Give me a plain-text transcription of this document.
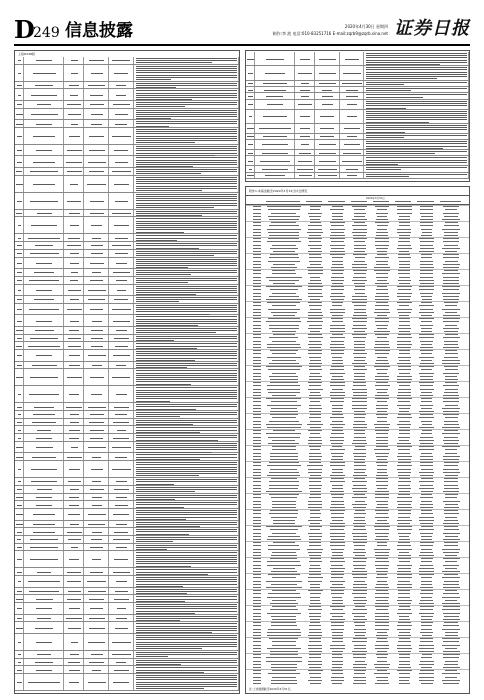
D
249 信息披露	2020年4月30日 星期四
制作:李 波 电话:010-83251716 E-mail:zqrb9@zqrb.sina.net 证券日报
上接D248版
附件1:本基金截至2020年3月31日持仓情况
2020年3月31日
注:上述数据截至2020年3月31日。
